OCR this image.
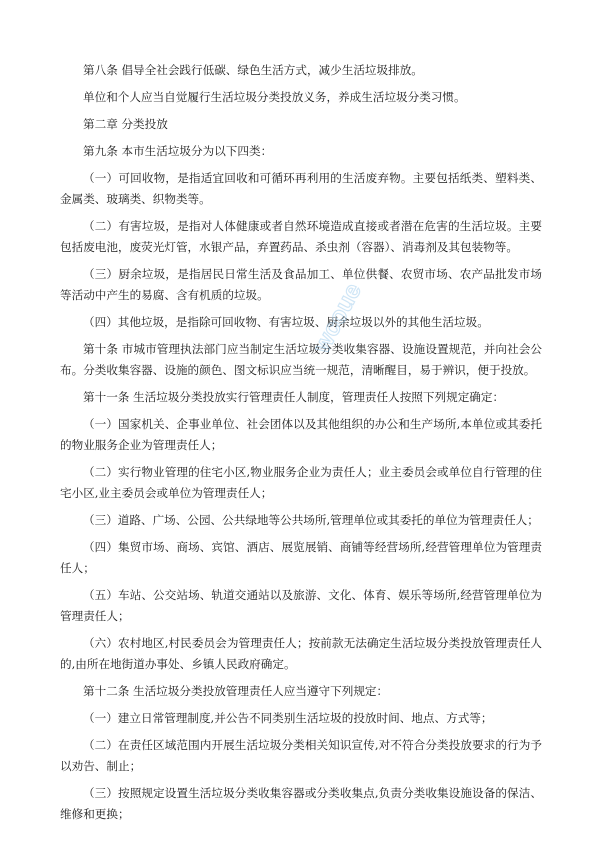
第八条 倡导全社会践行低碳、绿色生活方式，减少生活垃圾排放。

单位和个人应当自觉履行生活垃圾分类投放义务，养成生活垃圾分类习惯。

第二章 分类投放

第九条 本市生活垃圾分为以下四类：

（一）可回收物，是指适宜回收和可循环再利用的生活废弃物。主要包括纸类、塑料类、金属类、玻璃类、织物类等。

（二）有害垃圾，是指对人体健康或者自然环境造成直接或者潜在危害的生活垃圾。主要包括废电池，废荧光灯管，水银产品，弃置药品、杀虫剂（容器）、消毒剂及其包装物等。

（三）厨余垃圾，是指居民日常生活及食品加工、单位供餐、农贸市场、农产品批发市场等活动中产生的易腐、含有机质的垃圾。

（四）其他垃圾，是指除可回收物、有害垃圾、厨余垃圾以外的其他生活垃圾。

第十条 市城市管理执法部门应当制定生活垃圾分类收集容器、设施设置规范，并向社会公布。分类收集容器、设施的颜色、图文标识应当统一规范，清晰醒目，易于辨识，便于投放。

第十一条 生活垃圾分类投放实行管理责任人制度，管理责任人按照下列规定确定：

（一）国家机关、企事业单位、社会团体以及其他组织的办公和生产场所,本单位或其委托的物业服务企业为管理责任人；

（二）实行物业管理的住宅小区,物业服务企业为责任人；业主委员会或单位自行管理的住宅小区,业主委员会或单位为管理责任人；

（三）道路、广场、公园、公共绿地等公共场所,管理单位或其委托的单位为管理责任人；

（四）集贸市场、商场、宾馆、酒店、展览展销、商铺等经营场所,经营管理单位为管理责任人；

（五）车站、公交站场、轨道交通站以及旅游、文化、体育、娱乐等场所,经营管理单位为管理责任人；

（六）农村地区,村民委员会为管理责任人；按前款无法确定生活垃圾分类投放管理责任人的,由所在地街道办事处、乡镇人民政府确定。

第十二条 生活垃圾分类投放管理责任人应当遵守下列规定：

（一）建立日常管理制度,并公告不同类别生活垃圾的投放时间、地点、方式等；

（二）在责任区域范围内开展生活垃圾分类相关知识宣传,对不符合分类投放要求的行为予以劝告、制止；

（三）按照规定设置生活垃圾分类收集容器或分类收集点,负责分类收集设施设备的保洁、维修和更换；

wcoue
